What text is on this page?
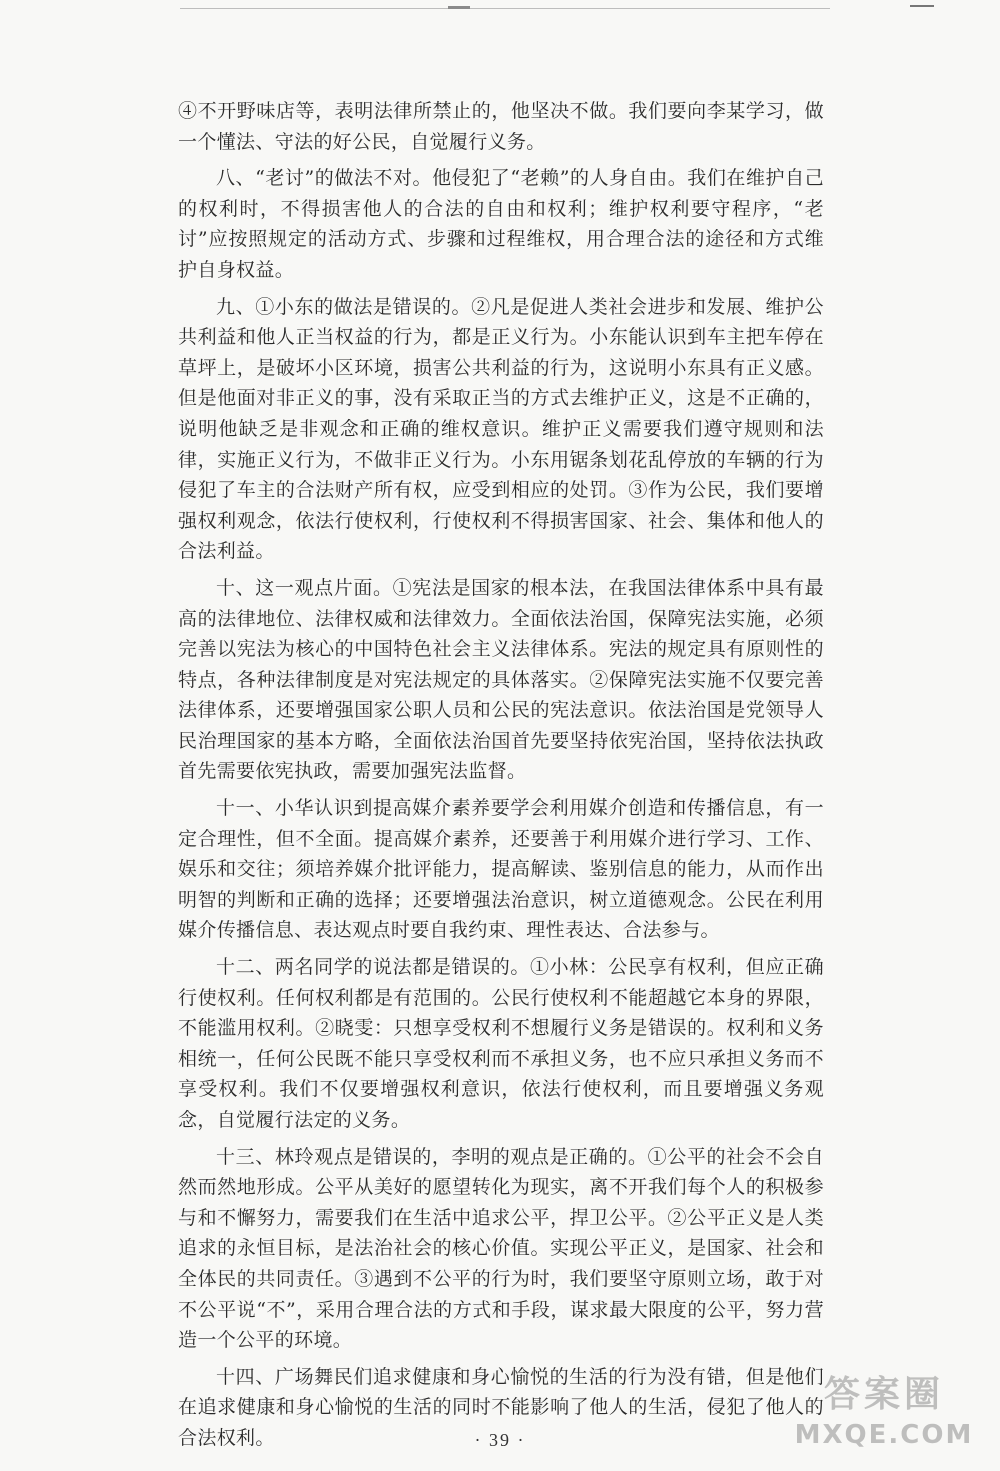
④不开野味店等，表明法律所禁止的，他坚决不做。我们要向李某学习，做一个懂法、守法的好公民，自觉履行义务。

八、“老讨”的做法不对。他侵犯了“老赖”的人身自由。我们在维护自己的权利时，不得损害他人的合法的自由和权利；维护权利要守程序，“老讨”应按照规定的活动方式、步骤和过程维权，用合理合法的途径和方式维护自身权益。

九、①小东的做法是错误的。②凡是促进人类社会进步和发展、维护公共利益和他人正当权益的行为，都是正义行为。小东能认识到车主把车停在草坪上，是破坏小区环境，损害公共利益的行为，这说明小东具有正义感。但是他面对非正义的事，没有采取正当的方式去维护正义，这是不正确的，说明他缺乏是非观念和正确的维权意识。维护正义需要我们遵守规则和法律，实施正义行为，不做非正义行为。小东用锯条划花乱停放的车辆的行为侵犯了车主的合法财产所有权，应受到相应的处罚。③作为公民，我们要增强权利观念，依法行使权利，行使权利不得损害国家、社会、集体和他人的合法利益。

十、这一观点片面。①宪法是国家的根本法，在我国法律体系中具有最高的法律地位、法律权威和法律效力。全面依法治国，保障宪法实施，必须完善以宪法为核心的中国特色社会主义法律体系。宪法的规定具有原则性的特点，各种法律制度是对宪法规定的具体落实。②保障宪法实施不仅要完善法律体系，还要增强国家公职人员和公民的宪法意识。依法治国是党领导人民治理国家的基本方略，全面依法治国首先要坚持依宪治国，坚持依法执政首先需要依宪执政，需要加强宪法监督。

十一、小华认识到提高媒介素养要学会利用媒介创造和传播信息，有一定合理性，但不全面。提高媒介素养，还要善于利用媒介进行学习、工作、娱乐和交往；须培养媒介批评能力，提高解读、鉴别信息的能力，从而作出明智的判断和正确的选择；还要增强法治意识，树立道德观念。公民在利用媒介传播信息、表达观点时要自我约束、理性表达、合法参与。

十二、两名同学的说法都是错误的。①小林：公民享有权利，但应正确行使权利。任何权利都是有范围的。公民行使权利不能超越它本身的界限，不能滥用权利。②晓雯：只想享受权利不想履行义务是错误的。权利和义务相统一，任何公民既不能只享受权利而不承担义务，也不应只承担义务而不享受权利。我们不仅要增强权利意识，依法行使权利，而且要增强义务观念，自觉履行法定的义务。

十三、林玲观点是错误的，李明的观点是正确的。①公平的社会不会自然而然地形成。公平从美好的愿望转化为现实，离不开我们每个人的积极参与和不懈努力，需要我们在生活中追求公平，捍卫公平。②公平正义是人类追求的永恒目标，是法治社会的核心价值。实现公平正义，是国家、社会和全体民的共同责任。③遇到不公平的行为时，我们要坚守原则立场，敢于对不公平说“不”，采用合理合法的方式和手段，谋求最大限度的公平，努力营造一个公平的环境。

十四、广场舞民们追求健康和身心愉悦的生活的行为没有错，但是他们在追求健康和身心愉悦的生活的同时不能影响了他人的生活，侵犯了他人的合法权利。	· 39 ·
答案圈
MXQE.COM
